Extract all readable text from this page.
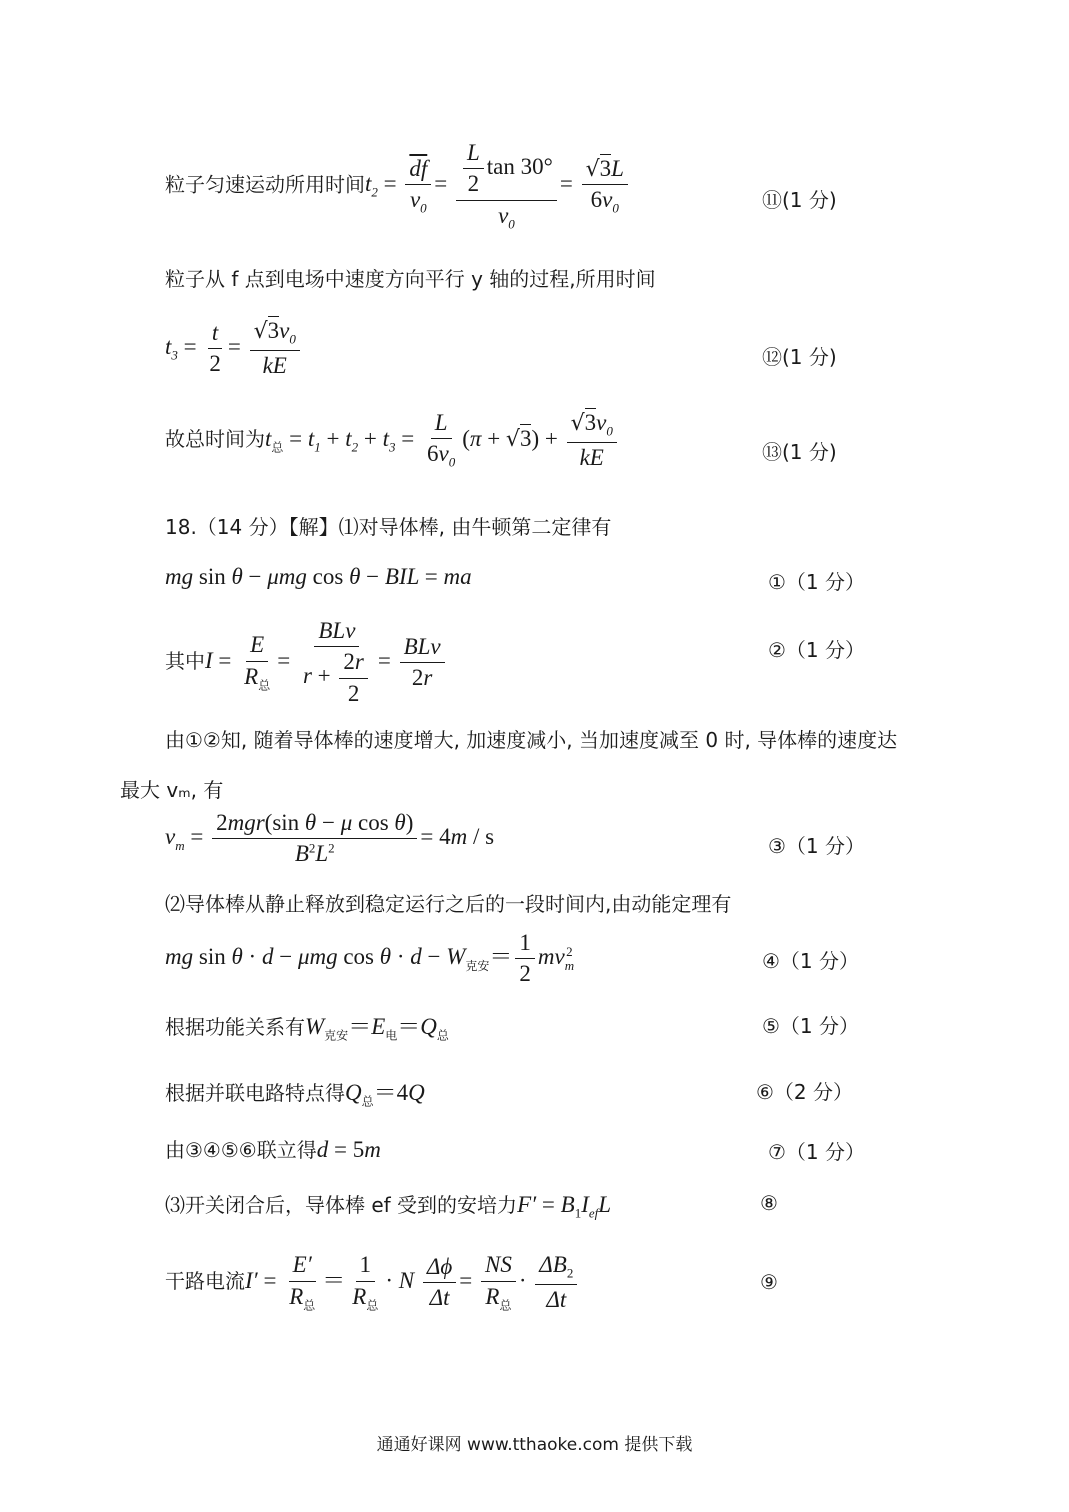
粒子匀速运动所用时间$t_2 = \frac{\overline{df}}{v_0} = \frac{\frac{L}{2} \tan 30^\circ}{v_0} = \frac{√3L}{6v_0}$	⑪(1 分)
粒子从 f 点到电场中速度方向平行 y 轴的过程,所用时间
$t_3 = \frac{t}{2} = \frac{√3v_0}{kE}$	⑫(1 分)
故总时间为$t_总 = t_1 + t_2 + t_3 = \frac{L}{6v_0} (\pi + √3) + \frac{√3v_0}{kE}$	⑬(1 分)
18.（14 分）【解】⑴对导体棒, 由牛顿第二定律有
mg sin θ − μmg cos θ − BIL = ma	①（1 分）
其中$I = \frac{E}{R_总} = \frac{\text{BLv}}{r + \frac{2r}{2}} = \frac{\text{BLv}}{2r}$	②（1 分）
由①②知, 随着导体棒的速度增大, 加速度减小, 当加速度减至 0 时, 导体棒的速度达
最大 vₘ, 有
$v_m = \frac{\text{2mgr(sin θ − μ cos θ)}}{B^2L^2} = 4m / s$	③（1 分）
⑵导体棒从静止释放到稳定运行之后的一段时间内,由动能定理有
mg sin θ · d − μmg $\cos \theta \cdot d - W_{克安}= \frac{1}{2} mv_m^2$	④（1 分）
根据功能关系有$W_{克安}=E_电=Q_总$	⑤（1 分）
根据并联电路特点得$Q_总=4Q$	⑥（2 分）
由③④⑤⑥联立得d = 5m	⑦（1 分）
⑶开关闭合后，导体棒 ef 受到的安培力$F' = B_1I_{ef}L$	⑧
干路电流$I' = \frac{E'}{R_总} = \frac{1}{R_总} \cdot N \frac{\Delta\phi}{\Delta t} = \frac{NS}{R_总} \cdot \frac{\Delta B_2}{\Delta t}$	⑨
通通好课网 www.tthaoke.com 提供下载
